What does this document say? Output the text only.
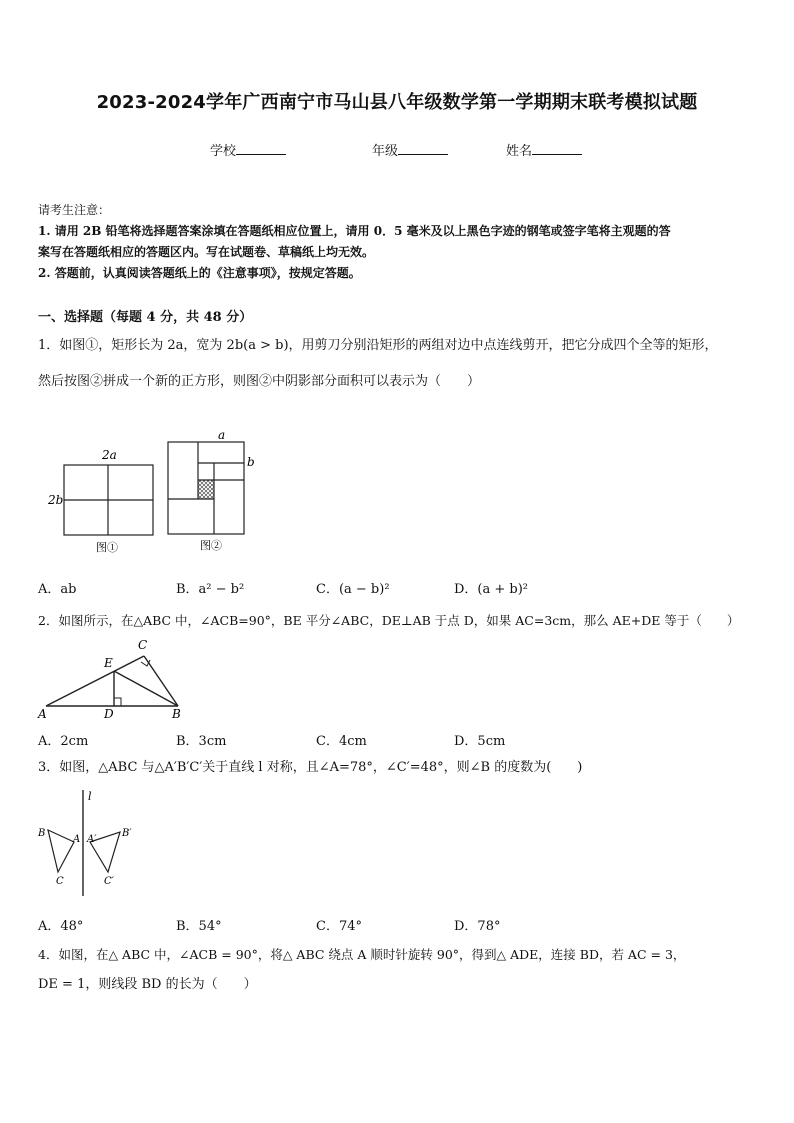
2023-2024学年广西南宁市马山县八年级数学第一学期期末联考模拟试题
学校	年级	姓名
请考生注意：
1. 请用 2B 铅笔将选择题答案涂填在答题纸相应位置上，请用 0．5 毫米及以上黑色字迹的钢笔或签字笔将主观题的答
案写在答题纸相应的答题区内。写在试题卷、草稿纸上均无效。
2. 答题前，认真阅读答题纸上的《注意事项》，按规定答题。
一、选择题（每题 4 分，共 48 分）
1．如图①，矩形长为 2a，宽为 2b(a > b)，用剪刀分别沿矩形的两组对边中点连线剪开，把它分成四个全等的矩形，
然后按图②拼成一个新的正方形，则图②中阴影部分面积可以表示为（　　）
2a
2b
图①
a
b
图②
A．ab	B．a² − b²	C．(a − b)²	D．(a + b)²
2．如图所示，在△ABC 中，∠ACB=90°，BE 平分∠ABC，DE⊥AB 于点 D，如果 AC=3cm，那么 AE+DE 等于（　　）
A	B
C
D
E
A．2cm	B．3cm	C．4cm	D．5cm
3．如图，△ABC 与△A′B′C′关于直线 l 对称，且∠A=78°，∠C′=48°，则∠B 的度数为(　　)
l
B
A
C
A′
B′
C′
A．48°	B．54°	C．74°	D．78°
4．如图，在△ ABC 中，∠ACB = 90°，将△ ABC 绕点 A 顺时针旋转 90°，得到△ ADE，连接 BD，若 AC = 3，
DE = 1，则线段 BD 的长为（　　）
